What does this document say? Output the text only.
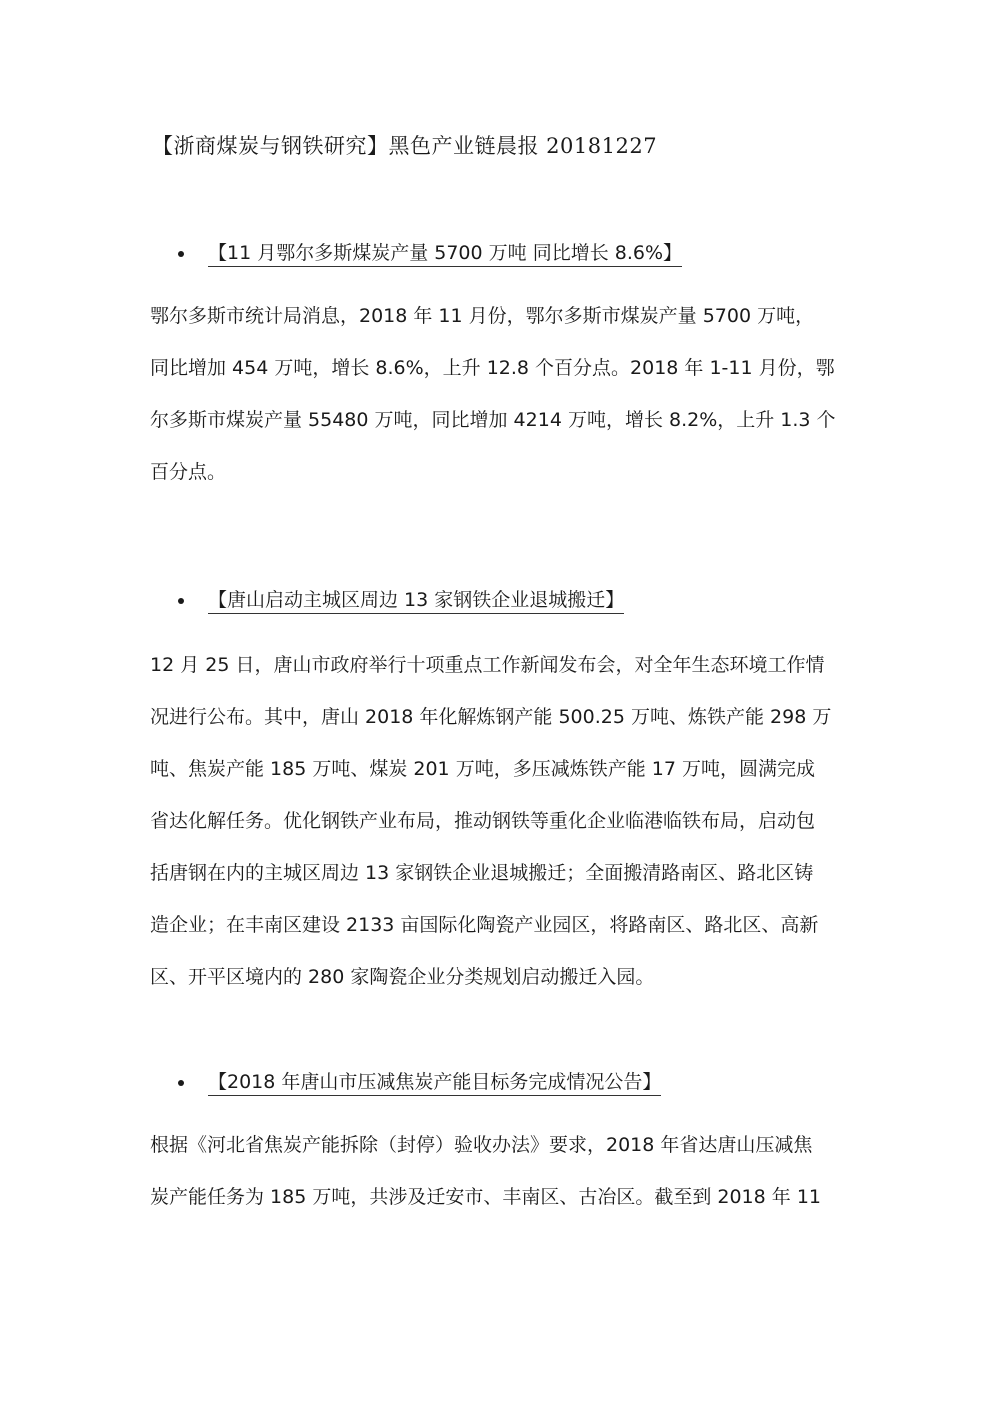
【浙商煤炭与钢铁研究】黑色产业链晨报 20181227
【11 月鄂尔多斯煤炭产量 5700 万吨 同比增长 8.6%】

鄂尔多斯市统计局消息，2018 年 11 月份，鄂尔多斯市煤炭产量 5700 万吨，
同比增加 454 万吨，增长 8.6%，上升 12.8 个百分点。2018 年 1-11 月份，鄂
尔多斯市煤炭产量 55480 万吨，同比增加 4214 万吨，增长 8.2%，上升 1.3 个
百分点。

【唐山启动主城区周边 13 家钢铁企业退城搬迁】

12 月 25 日，唐山市政府举行十项重点工作新闻发布会，对全年生态环境工作情
况进行公布。其中，唐山 2018 年化解炼钢产能 500.25 万吨、炼铁产能 298 万
吨、焦炭产能 185 万吨、煤炭 201 万吨，多压减炼铁产能 17 万吨，圆满完成
省达化解任务。优化钢铁产业布局，推动钢铁等重化企业临港临铁布局，启动包
括唐钢在内的主城区周边 13 家钢铁企业退城搬迁；全面搬清路南区、路北区铸
造企业；在丰南区建设 2133 亩国际化陶瓷产业园区，将路南区、路北区、高新
区、开平区境内的 280 家陶瓷企业分类规划启动搬迁入园。

【2018 年唐山市压减焦炭产能目标务完成情况公告】

根据《河北省焦炭产能拆除（封停）验收办法》要求，2018 年省达唐山压减焦
炭产能任务为 185 万吨，共涉及迁安市、丰南区、古冶区。截至到 2018 年 11
